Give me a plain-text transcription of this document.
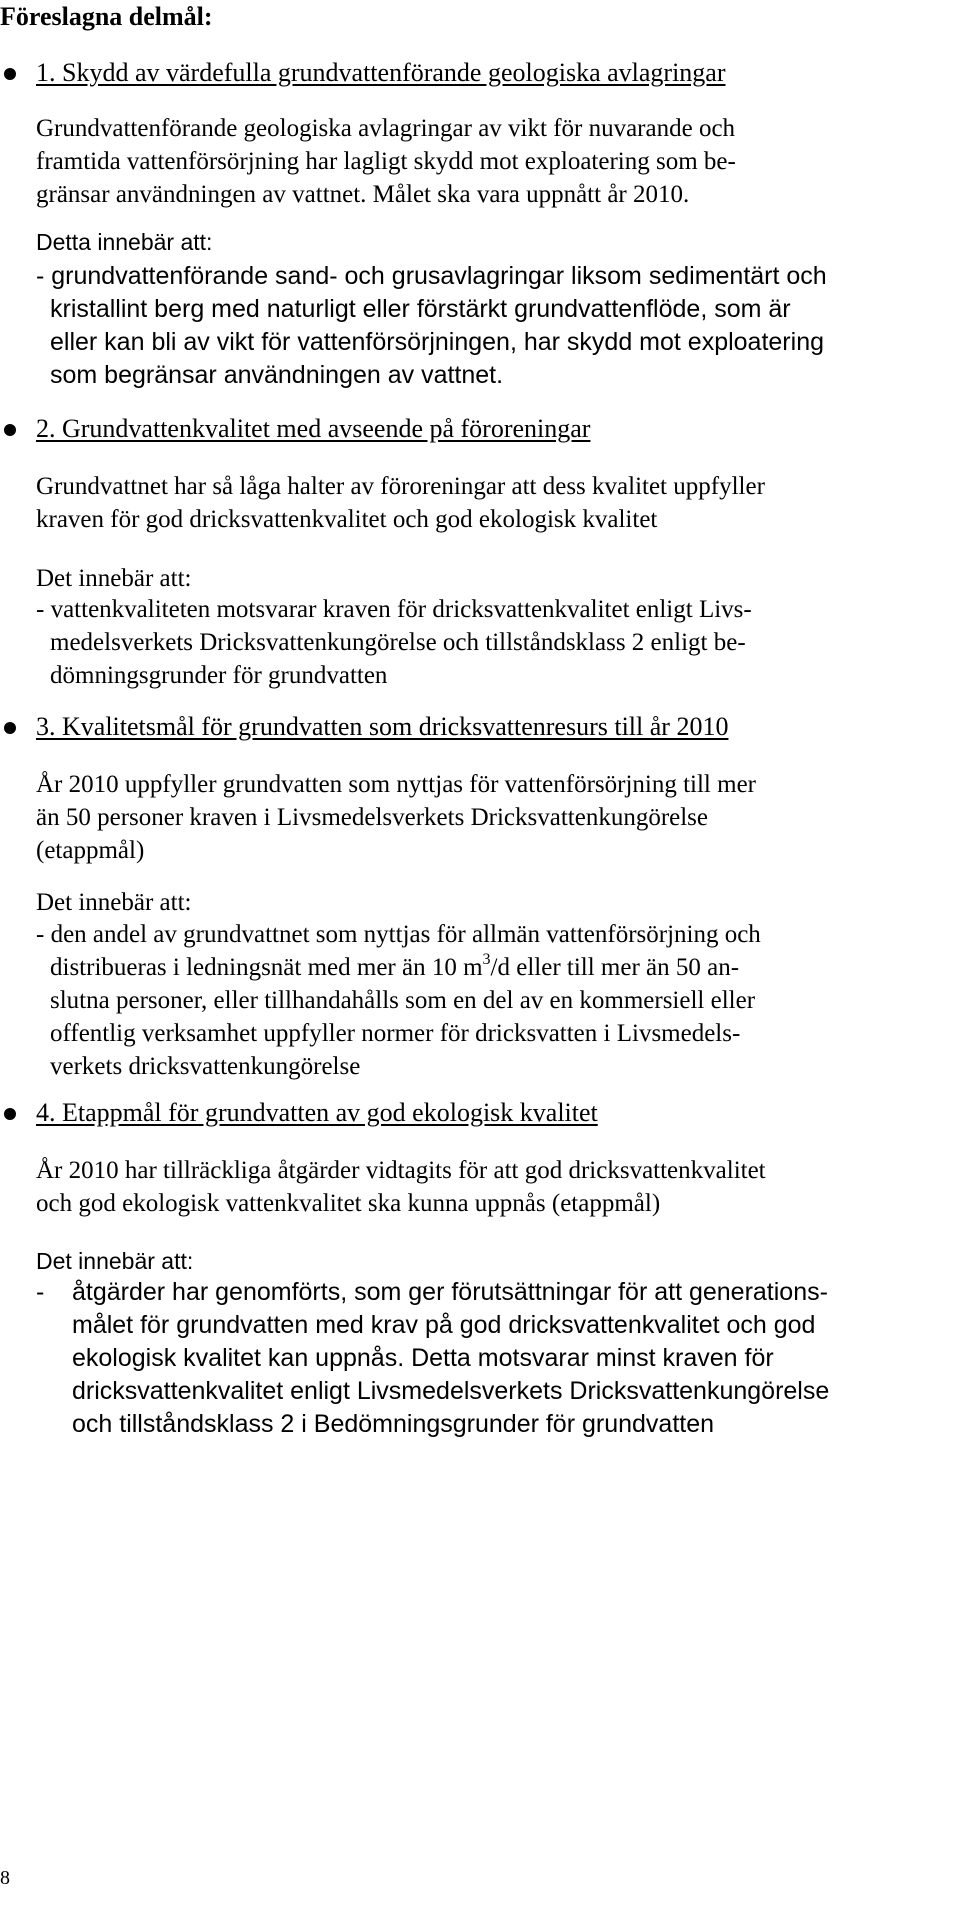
Föreslagna delmål:
1. Skydd av värdefulla grundvattenförande geologiska avlagringar

Grundvattenförande geologiska avlagringar av vikt för nuvarande och
framtida vattenförsörjning har lagligt skydd mot exploatering som be-
gränsar användningen av vattnet. Målet ska vara uppnått år 2010.

Detta innebär att:

- grundvattenförande sand- och grusavlagringar liksom sedimentärt och
kristallint berg med naturligt eller förstärkt grundvattenflöde, som är
eller kan bli av vikt för vattenförsörjningen, har skydd mot exploatering
som begränsar användningen av vattnet.

2. Grundvattenkvalitet med avseende på föroreningar

Grundvattnet har så låga halter av föroreningar att dess kvalitet uppfyller
kraven för god dricksvattenkvalitet och god ekologisk kvalitet

Det innebär att:

- vattenkvaliteten motsvarar kraven för dricksvattenkvalitet enligt Livs-
medelsverkets Dricksvattenkungörelse och tillståndsklass 2 enligt be-
dömningsgrunder för grundvatten

3. Kvalitetsmål för grundvatten som dricksvattenresurs till år 2010

År 2010 uppfyller grundvatten som nyttjas för vattenförsörjning till mer
än 50 personer kraven i Livsmedelsverkets Dricksvattenkungörelse
(etappmål)

Det innebär att:

- den andel av grundvattnet som nyttjas för allmän vattenförsörjning och
distribueras i ledningsnät med mer än 10 $m^3/d$ eller till mer än 50 an-
slutna personer, eller tillhandahålls som en del av en kommersiell eller
offentlig verksamhet uppfyller normer för dricksvatten i Livsmedels-
verkets dricksvattenkungörelse

4. Etappmål för grundvatten av god ekologisk kvalitet

År 2010 har tillräckliga åtgärder vidtagits för att god dricksvattenkvalitet
och god ekologisk vattenkvalitet ska kunna uppnås (etappmål)

Det innebär att:

- åtgärder har genomförts, som ger förutsättningar för att generations-
målet för grundvatten med krav på god dricksvattenkvalitet och god
ekologisk kvalitet kan uppnås. Detta motsvarar minst kraven för
dricksvattenkvalitet enligt Livsmedelsverkets Dricksvattenkungörelse
och tillståndsklass 2 i Bedömningsgrunder för grundvatten

8
